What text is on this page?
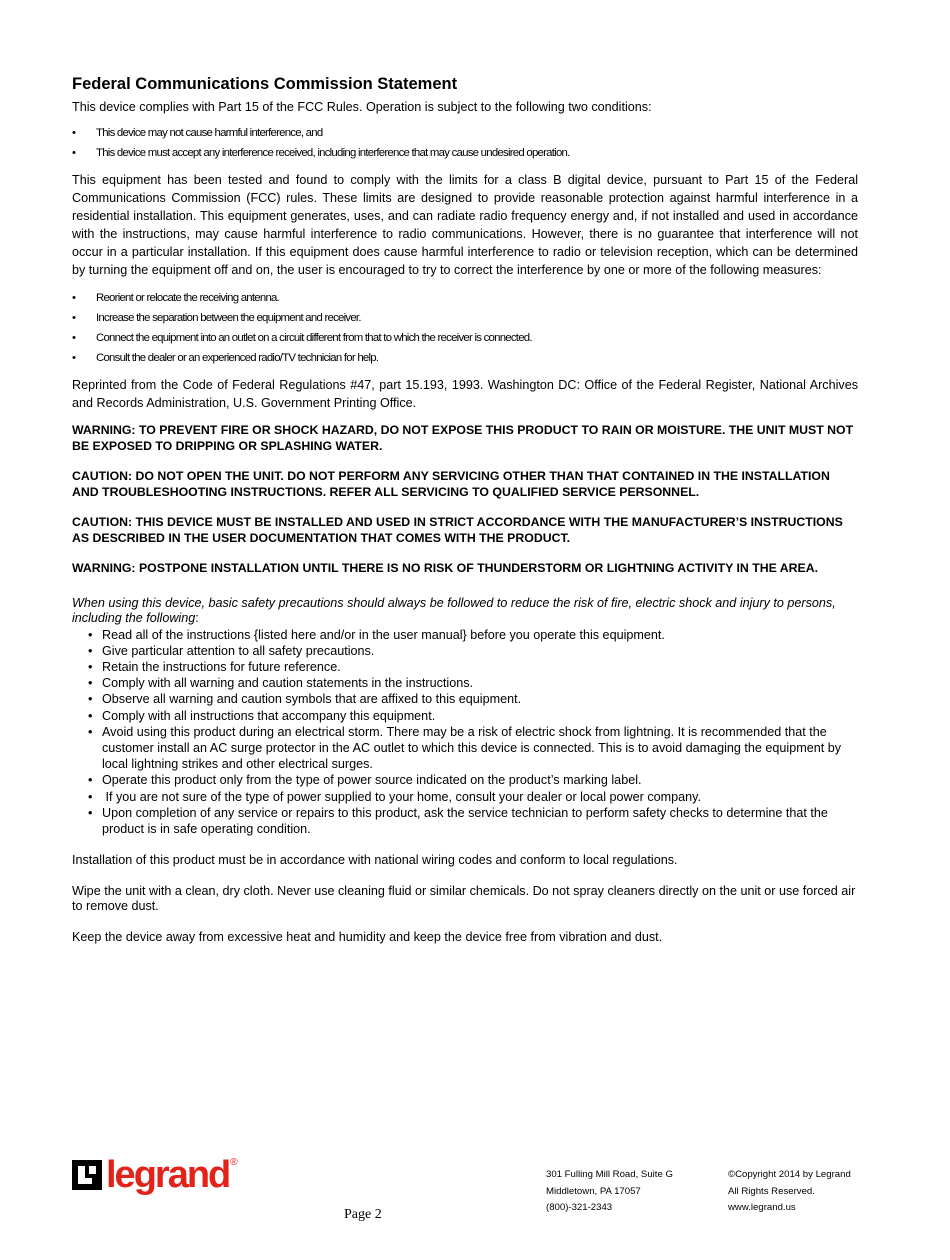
Federal Communications Commission Statement

This device complies with Part 15 of the FCC Rules. Operation is subject to the following two conditions:

• This device may not cause harmful interference, and
• This device must accept any interference received, including interference that may cause undesired operation.

This equipment has been tested and found to comply with the limits for a class B digital device, pursuant to Part 15 of the Federal Communications Commission (FCC) rules. These limits are designed to provide reasonable protection against harmful interference in a residential installation. This equipment generates, uses, and can radiate radio frequency energy and, if not installed and used in accordance with the instructions, may cause harmful interference to radio communications. However, there is no guarantee that interference will not occur in a particular installation. If this equipment does cause harmful interference to radio or television reception, which can be determined by turning the equipment off and on, the user is encouraged to try to correct the interference by one or more of the following measures:

• Reorient or relocate the receiving antenna.
• Increase the separation between the equipment and receiver.
• Connect the equipment into an outlet on a circuit different from that to which the receiver is connected.
• Consult the dealer or an experienced radio/TV technician for help.

Reprinted from the Code of Federal Regulations #47, part 15.193, 1993. Washington DC: Office of the Federal Register, National Archives and Records Administration, U.S. Government Printing Office.

WARNING: TO PREVENT FIRE OR SHOCK HAZARD, DO NOT EXPOSE THIS PRODUCT TO RAIN OR MOISTURE. THE UNIT MUST NOT BE EXPOSED TO DRIPPING OR SPLASHING WATER.

CAUTION: DO NOT OPEN THE UNIT. DO NOT PERFORM ANY SERVICING OTHER THAN THAT CONTAINED IN THE INSTALLATION AND TROUBLESHOOTING INSTRUCTIONS. REFER ALL SERVICING TO QUALIFIED SERVICE PERSONNEL.

CAUTION: THIS DEVICE MUST BE INSTALLED AND USED IN STRICT ACCORDANCE WITH THE MANUFACTURER’S INSTRUCTIONS AS DESCRIBED IN THE USER DOCUMENTATION THAT COMES WITH THE PRODUCT.

WARNING: POSTPONE INSTALLATION UNTIL THERE IS NO RISK OF THUNDERSTORM OR LIGHTNING ACTIVITY IN THE AREA.

When using this device, basic safety precautions should always be followed to reduce the risk of fire, electric shock and injury to persons, including the following:

• Read all of the instructions {listed here and/or in the user manual} before you operate this equipment.
• Give particular attention to all safety precautions.
• Retain the instructions for future reference.
• Comply with all warning and caution statements in the instructions.
• Observe all warning and caution symbols that are affixed to this equipment.
• Comply with all instructions that accompany this equipment.
• Avoid using this product during an electrical storm. There may be a risk of electric shock from lightning. It is recommended that the customer install an AC surge protector in the AC outlet to which this device is connected. This is to avoid damaging the equipment by local lightning strikes and other electrical surges.
• Operate this product only from the type of power source indicated on the product’s marking label.
•  If you are not sure of the type of power supplied to your home, consult your dealer or local power company.
• Upon completion of any service or repairs to this product, ask the service technician to perform safety checks to determine that the product is in safe operating condition.

Installation of this product must be in accordance with national wiring codes and conform to local regulations.

Wipe the unit with a clean, dry cloth. Never use cleaning fluid or similar chemicals. Do not spray cleaners directly on the unit or use forced air to remove dust.

Keep the device away from excessive heat and humidity and keep the device free from vibration and dust.

legrand ®
301 Fulling Mill Road, Suite G
Middletown, PA 17057
(800)-321-2343
©Copyright 2014 by Legrand
All Rights Reserved.
www.legrand.us
Page 2
